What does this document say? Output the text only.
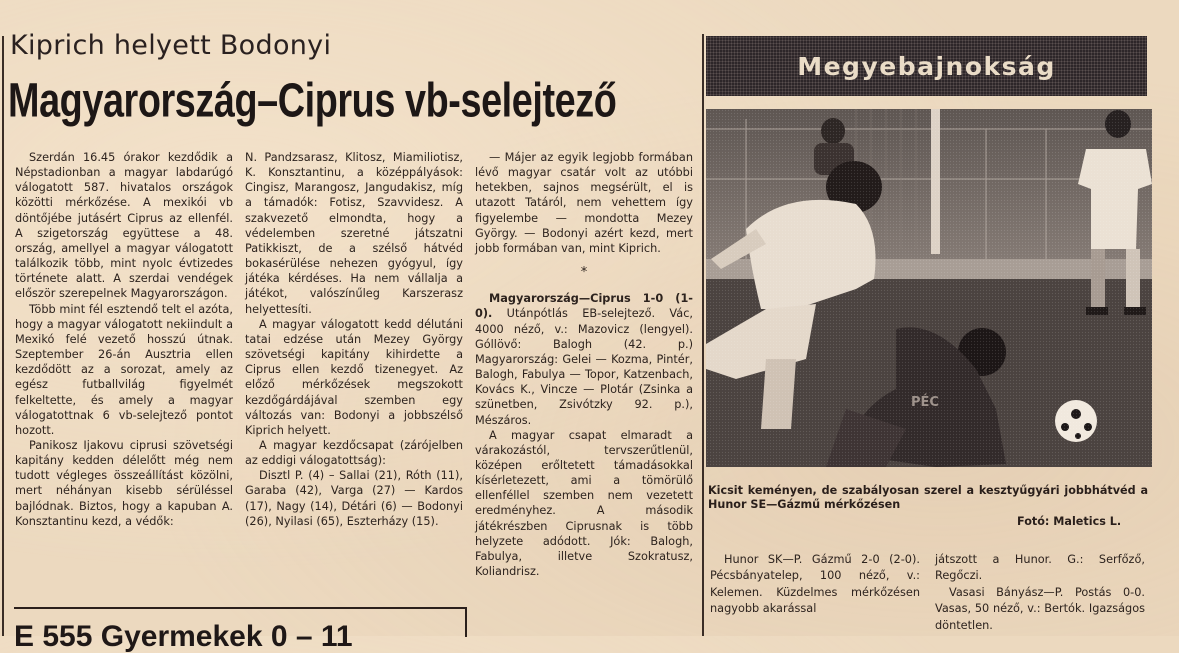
Kiprich helyett Bodonyi
Magyarország–Ciprus vb-selejtező

Szerdán 16.45 órakor kezdődik a Népstadionban a magyar labdarúgó válogatott 587. hivatalos országok közötti mérkőzése. A mexikói vb döntőjébe jutásért Ciprus az ellenfél. A szigetország együttese a 48. ország, amellyel a magyar válogatott találkozik több, mint nyolc évtizedes története alatt. A szerdai vendégek először szerepelnek Magyarországon.

Több mint fél esztendő telt el azóta, hogy a magyar válogatott nekiindult a Mexikó felé vezető hosszú útnak. Szeptember 26-án Ausztria ellen kezdődött az a sorozat, amely az egész futballvilág figyelmét felkeltette, és amely a magyar válogatottnak 6 vb-selejtező pontot hozott.

Panikosz Ijakovu ciprusi szövetségi kapitány kedden délelőtt még nem tudott végleges összeállítást közölni, mert néhányan kisebb sérüléssel bajlódnak. Biztos, hogy a kapuban A. Konsztantinu kezd, a védők:

N. Pandzsarasz, Klitosz, Miamiliotisz, K. Konsztantinu, a középpályások: Cingisz, Marangosz, Jangudakisz, míg a támadók: Fotisz, Szavvidesz. A szakvezető elmondta, hogy a védelemben szeretné játszatni Patikkiszt, de a szélső hátvéd bokasérülése nehezen gyógyul, így játéka kérdéses. Ha nem vállalja a játékot, valószínűleg Karszerasz helyettesíti.

A magyar válogatott kedd délutáni tatai edzése után Mezey György szövetségi kapitány kihirdette a Ciprus ellen kezdő tizenegyet. Az előző mérkőzések megszokott kezdőgárdájával szemben egy változás van: Bodonyi a jobbszélső Kiprich helyett.

A magyar kezdőcsapat (zárójelben az eddigi válogatottság):

Disztl P. (4) – Sallai (21), Róth (11), Garaba (42), Varga (27) — Kardos (17), Nagy (14), Détári (6) — Bodonyi (26), Nyilasi (65), Eszterházy (15).

— Májer az egyik legjobb formában lévő magyar csatár volt az utóbbi hetekben, sajnos megsérült, el is utazott Tatáról, nem vehettem így figyelembe — mondotta Mezey György. — Bodonyi azért kezd, mert jobb formában van, mint Kiprich.

*

Magyarország—Ciprus 1-0 (1-0). Utánpótlás EB-selejtező. Vác, 4000 néző, v.: Mazovicz (lengyel). Góllövő: Balogh (42. p.) Magyarország: Gelei — Kozma, Pintér, Balogh, Fabulya — Topor, Katzenbach, Kovács K., Vincze — Plotár (Zsinka a szünetben, Zsivótzky 92. p.), Mészáros.

A magyar csapat elmaradt a várakozástól, tervszerűtlenül, középen erőltetett támadásokkal kísérletezett, ami a tömörülő ellenféllel szemben nem vezetett eredményhez. A második játékrészben Ciprusnak is több helyzete adódott. Jók: Balogh, Fabulya, illetve Szokratusz, Koliandrisz.

E 555 Gyermekek 0 – 11
Megyebajnokság
Kicsit keményen, de szabályosan szerel a kesztyűgyári jobbhátvéd a Hunor SE—Gázmű mérkőzésen
Fotó: Maletics L.

Hunor SK—P. Gázmű 2-0 (2-0). Pécsbányatelep, 100 néző, v.: Kelemen. Küzdelmes mérkőzésen nagyobb akarással

játszott a Hunor. G.: Serfőző, Regőczi.

Vasasi Bányász—P. Postás 0-0. Vasas, 50 néző, v.: Bertók. Igazságos döntetlen.
